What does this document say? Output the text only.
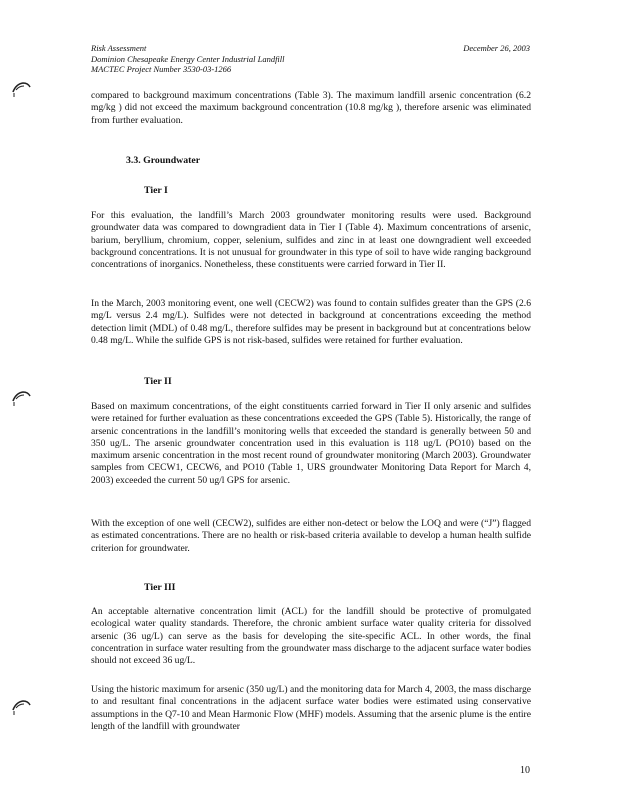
Risk Assessment
Dominion Chesapeake Energy Center Industrial Landfill
MACTEC Project Number 3530-03-1266
December 26, 2003

compared to background maximum concentrations (Table 3). The maximum landfill arsenic concentration (6.2 mg/kg ) did not exceed the maximum background concentration (10.8 mg/kg ), therefore arsenic was eliminated from further evaluation.

3.3. Groundwater

Tier I

For this evaluation, the landfill’s March 2003 groundwater monitoring results were used. Background groundwater data was compared to downgradient data in Tier I (Table 4). Maximum concentrations of arsenic, barium, beryllium, chromium, copper, selenium, sulfides and zinc in at least one downgradient well exceeded background concentrations. It is not unusual for groundwater in this type of soil to have wide ranging background concentrations of inorganics. Nonetheless, these constituents were carried forward in Tier II.

In the March, 2003 monitoring event, one well (CECW2) was found to contain sulfides greater than the GPS (2.6 mg/L versus 2.4 mg/L). Sulfides were not detected in background at concentrations exceeding the method detection limit (MDL) of 0.48 mg/L, therefore sulfides may be present in background but at concentrations below 0.48 mg/L. While the sulfide GPS is not risk-based, sulfides were retained for further evaluation.

Tier II

Based on maximum concentrations, of the eight constituents carried forward in Tier II only arsenic and sulfides were retained for further evaluation as these concentrations exceeded the GPS (Table 5). Historically, the range of arsenic concentrations in the landfill’s monitoring wells that exceeded the standard is generally between 50 and 350 ug/L. The arsenic groundwater concentration used in this evaluation is 118 ug/L (PO10) based on the maximum arsenic concentration in the most recent round of groundwater monitoring (March 2003). Groundwater samples from CECW1, CECW6, and PO10 (Table 1, URS groundwater Monitoring Data Report for March 4, 2003) exceeded the current 50 ug/l GPS for arsenic.

With the exception of one well (CECW2), sulfides are either non-detect or below the LOQ and were (“J”) flagged as estimated concentrations. There are no health or risk-based criteria available to develop a human health sulfide criterion for groundwater.

Tier III

An acceptable alternative concentration limit (ACL) for the landfill should be protective of promulgated ecological water quality standards. Therefore, the chronic ambient surface water quality criteria for dissolved arsenic (36 ug/L) can serve as the basis for developing the site-specific ACL. In other words, the final concentration in surface water resulting from the groundwater mass discharge to the adjacent surface water bodies should not exceed 36 ug/L.

Using the historic maximum for arsenic (350 ug/L) and the monitoring data for March 4, 2003, the mass discharge to and resultant final concentrations in the adjacent surface water bodies were estimated using conservative assumptions in the Q7-10 and Mean Harmonic Flow (MHF) models. Assuming that the arsenic plume is the entire length of the landfill with groundwater

10
